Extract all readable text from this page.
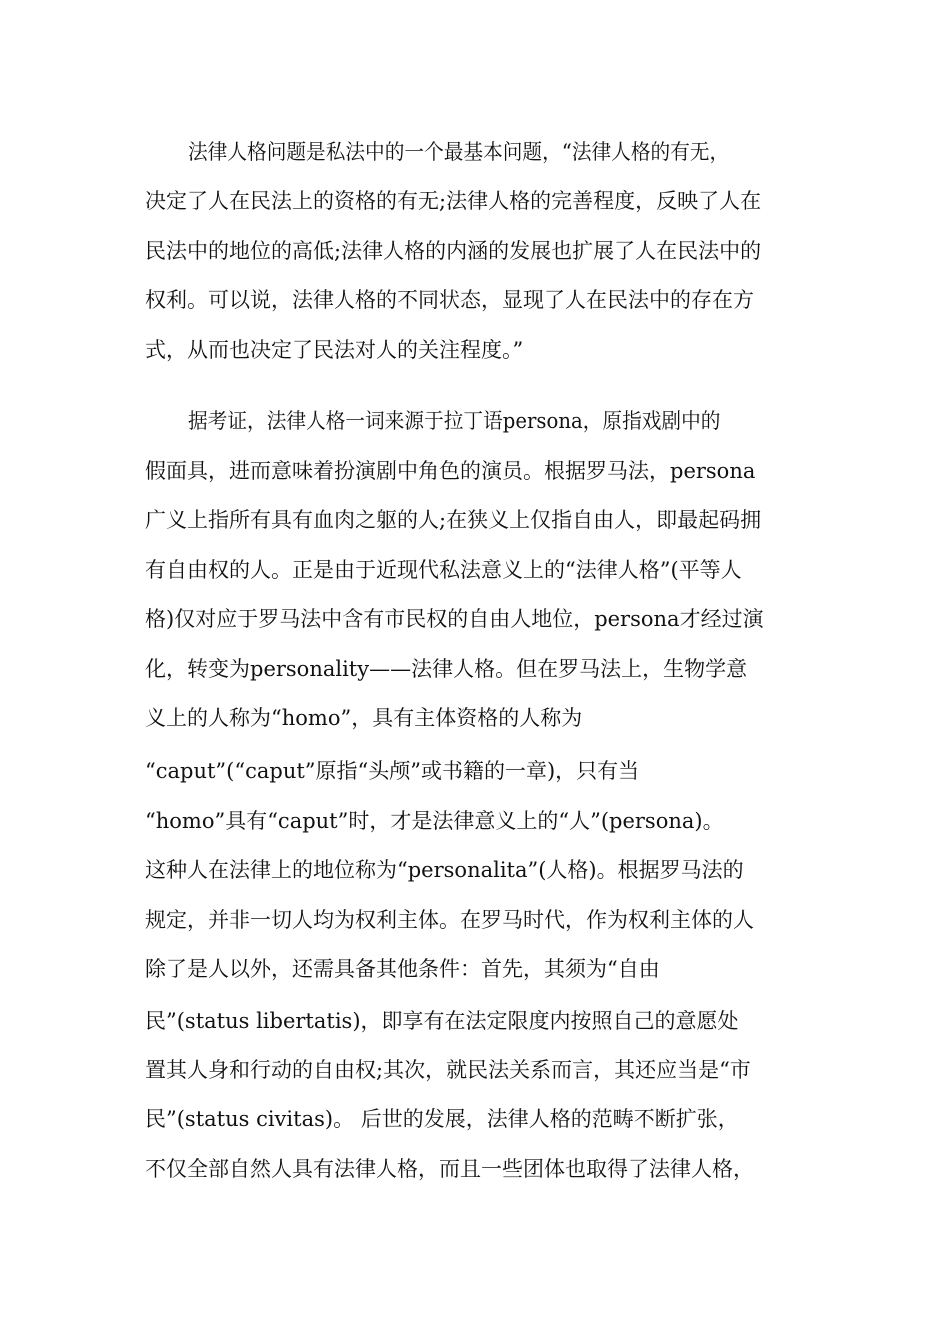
法律人格问题是私法中的一个最基本问题，“法律人格的有无，
决定了人在民法上的资格的有无;法律人格的完善程度，反映了人在
民法中的地位的高低;法律人格的内涵的发展也扩展了人在民法中的
权利。可以说，法律人格的不同状态，显现了人在民法中的存在方
式，从而也决定了民法对人的关注程度。”
据考证，法律人格一词来源于拉丁语persona，原指戏剧中的
假面具，进而意味着扮演剧中角色的演员。根据罗马法，persona
广义上指所有具有血肉之躯的人;在狭义上仅指自由人，即最起码拥
有自由权的人。正是由于近现代私法意义上的“法律人格”(平等人
格)仅对应于罗马法中含有市民权的自由人地位，persona才经过演
化，转变为personality——法律人格。但在罗马法上，生物学意
义上的人称为“homo”，具有主体资格的人称为
“caput”(“caput”原指“头颅”或书籍的一章)，只有当
“homo”具有“caput”时，才是法律意义上的“人”(persona)。
这种人在法律上的地位称为“personalita”(人格)。根据罗马法的
规定，并非一切人均为权利主体。在罗马时代，作为权利主体的人
除了是人以外，还需具备其他条件：首先，其须为“自由
民”(status libertatis)，即享有在法定限度内按照自己的意愿处
置其人身和行动的自由权;其次，就民法关系而言，其还应当是“市
民”(status civitas)。 后世的发展，法律人格的范畴不断扩张，
不仅全部自然人具有法律人格，而且一些团体也取得了法律人格，
